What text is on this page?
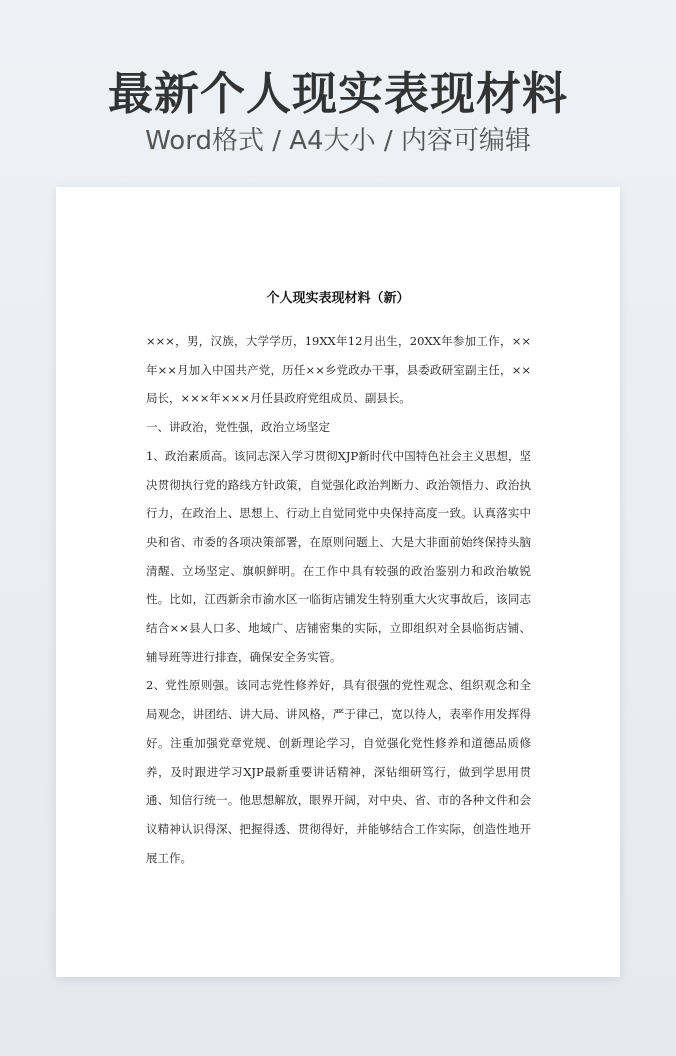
最新个人现实表现材料
Word格式 / A4大小 / 内容可编辑
个人现实表现材料（新）

×××，男，汉族，大学学历，19XX年12月出生，20XX年参加工作，××年××月加入中国共产党，历任××乡党政办干事，县委政研室副主任，××局长，×××年×××月任县政府党组成员、副县长。

一、讲政治，党性强，政治立场坚定

1、政治素质高。该同志深入学习贯彻XJP新时代中国特色社会主义思想，坚决贯彻执行党的路线方针政策，自觉强化政治判断力、政治领悟力、政治执行力，在政治上、思想上、行动上自觉同党中央保持高度一致。认真落实中央和省、市委的各项决策部署，在原则问题上、大是大非面前始终保持头脑清醒、立场坚定、旗帜鲜明。在工作中具有较强的政治鉴别力和政治敏锐性。比如，江西新余市渝水区一临街店铺发生特别重大火灾事故后，该同志结合××县人口多、地域广、店铺密集的实际，立即组织对全县临街店铺、辅导班等进行排查，确保安全务实管。

2、党性原则强。该同志党性修养好，具有很强的党性观念、组织观念和全局观念，讲团结、讲大局、讲风格，严于律己，宽以待人，表率作用发挥得好。注重加强党章党规、创新理论学习，自觉强化党性修养和道德品质修养，及时跟进学习XJP最新重要讲话精神，深钻细研笃行，做到学思用贯通、知信行统一。他思想解放，眼界开阔，对中央、省、市的各种文件和会议精神认识得深、把握得透、贯彻得好，并能够结合工作实际，创造性地开展工作。
